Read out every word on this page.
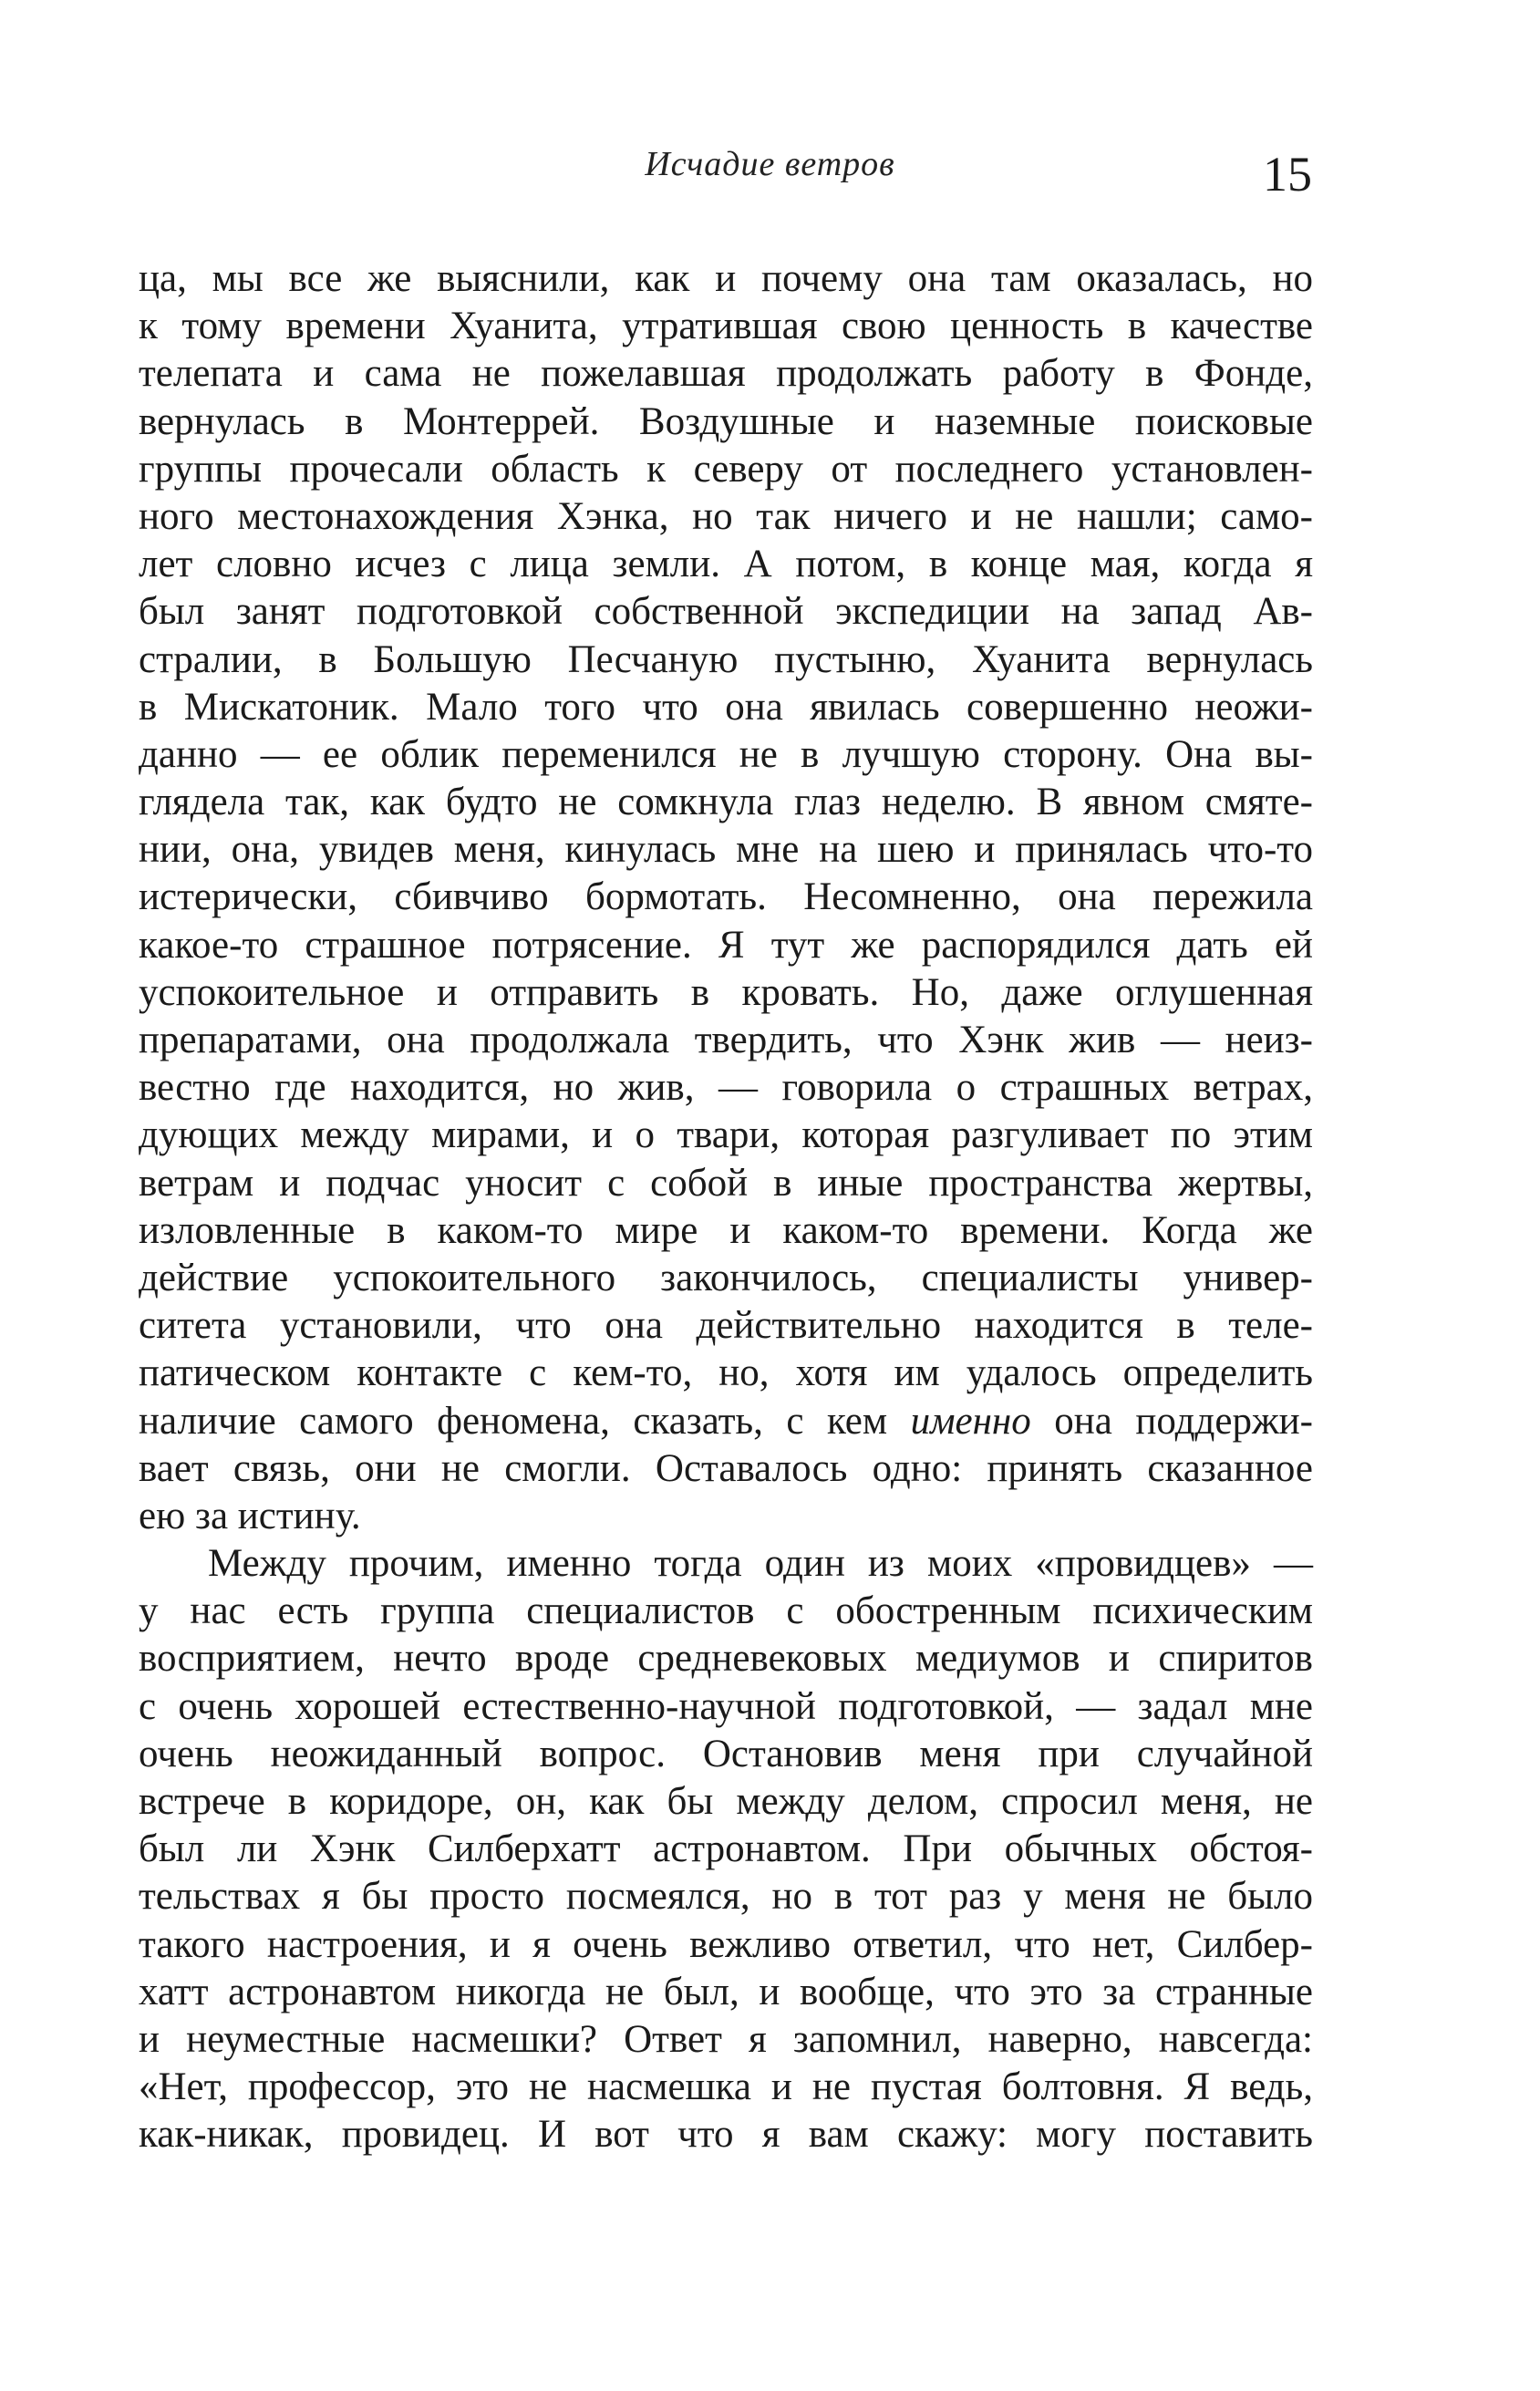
Исчадие ветров	15
ца, мы все же выяснили, как и почему она там оказалась, но
к тому времени Хуанита, утратившая свою ценность в качестве
телепата и сама не пожелавшая продолжать работу в Фонде,
вернулась в Монтеррей. Воздушные и наземные поисковые
группы прочесали область к северу от последнего установлен-
ного местонахождения Хэнка, но так ничего и не нашли; само-
лет словно исчез с лица земли. А потом, в конце мая, когда я
был занят подготовкой собственной экспедиции на запад Ав-
стралии, в Большую Песчаную пустыню, Хуанита вернулась
в Мискатоник. Мало того что она явилась совершенно неожи-
данно — ее облик переменился не в лучшую сторону. Она вы-
глядела так, как будто не сомкнула глаз неделю. В явном смяте-
нии, она, увидев меня, кинулась мне на шею и принялась что-то
истерически, сбивчиво бормотать. Несомненно, она пережила
какое-то страшное потрясение. Я тут же распорядился дать ей
успокоительное и отправить в кровать. Но, даже оглушенная
препаратами, она продолжала твердить, что Хэнк жив — неиз-
вестно где находится, но жив, — говорила о страшных ветрах,
дующих между мирами, и о твари, которая разгуливает по этим
ветрам и подчас уносит с собой в иные пространства жертвы,
изловленные в каком-то мире и каком-то времени. Когда же
действие успокоительного закончилось, специалисты универ-
ситета установили, что она действительно находится в теле-
патическом контакте с кем-то, но, хотя им удалось определить
наличие самого феномена, сказать, с кем именно она поддержи-
вает связь, они не смогли. Оставалось одно: принять сказанное
ею за истину.
Между прочим, именно тогда один из моих «провидцев» —
у нас есть группа специалистов с обостренным психическим
восприятием, нечто вроде средневековых медиумов и спиритов
с очень хорошей естественно-научной подготовкой, — задал мне
очень неожиданный вопрос. Остановив меня при случайной
встрече в коридоре, он, как бы между делом, спросил меня, не
был ли Хэнк Силберхатт астронавтом. При обычных обстоя-
тельствах я бы просто посмеялся, но в тот раз у меня не было
такого настроения, и я очень вежливо ответил, что нет, Силбер-
хатт астронавтом никогда не был, и вообще, что это за странные
и неуместные насмешки? Ответ я запомнил, наверно, навсегда:
«Нет, профессор, это не насмешка и не пустая болтовня. Я ведь,
как-никак, провидец. И вот что я вам скажу: могу поставить
